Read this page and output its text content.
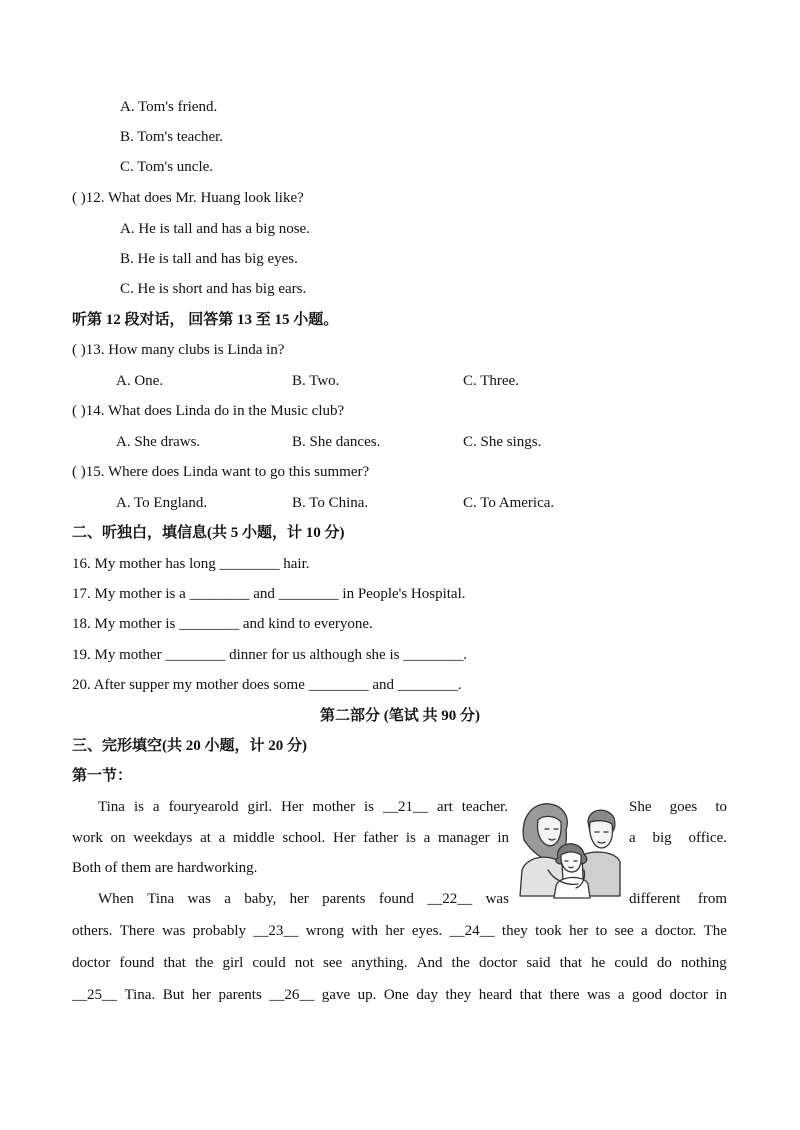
A. Tom's friend.
B. Tom's teacher.
C. Tom's uncle.
( )12. What does Mr. Huang look like?
A. He is tall and has a big nose.
B. He is tall and has big eyes.
C. He is short and has big ears.
听第 12 段对话， 回答第 13 至 15 小题。
( )13. How many clubs is Linda in?
A. One.	B. Two.	C. Three.
( )14. What does Linda do in the Music club?
A. She draws.	B. She dances.	C. She sings.
( )15. Where does Linda want to go this summer?
A. To England.	B. To China.	C. To America.
二、听独白，填信息(共 5 小题，计 10 分)
16. My mother has long ________ hair.
17. My mother is a ________ and ________ in People's Hospital.
18. My mother is ________ and kind to everyone.
19. My mother ________ dinner for us although she is ________.
20. After supper my mother does some ________ and ________.
第二部分 (笔试 共 90 分)
三、完形填空(共 20 小题，计 20 分)
第一节：
Tina is a fouryearold girl. Her mother is __21__ art teacher.	She goes to
work on weekdays at a middle school. Her father is a manager in	a big office.
Both of them are hardworking.
When Tina was a baby, her parents found __22__ was	different from
others. There was probably __23__ wrong with her eyes. __24__ they took her to see a doctor. The
doctor found that the girl could not see anything. And the doctor said that he could do nothing
__25__ Tina. But her parents __26__ gave up. One day they heard that there was a good doctor in
